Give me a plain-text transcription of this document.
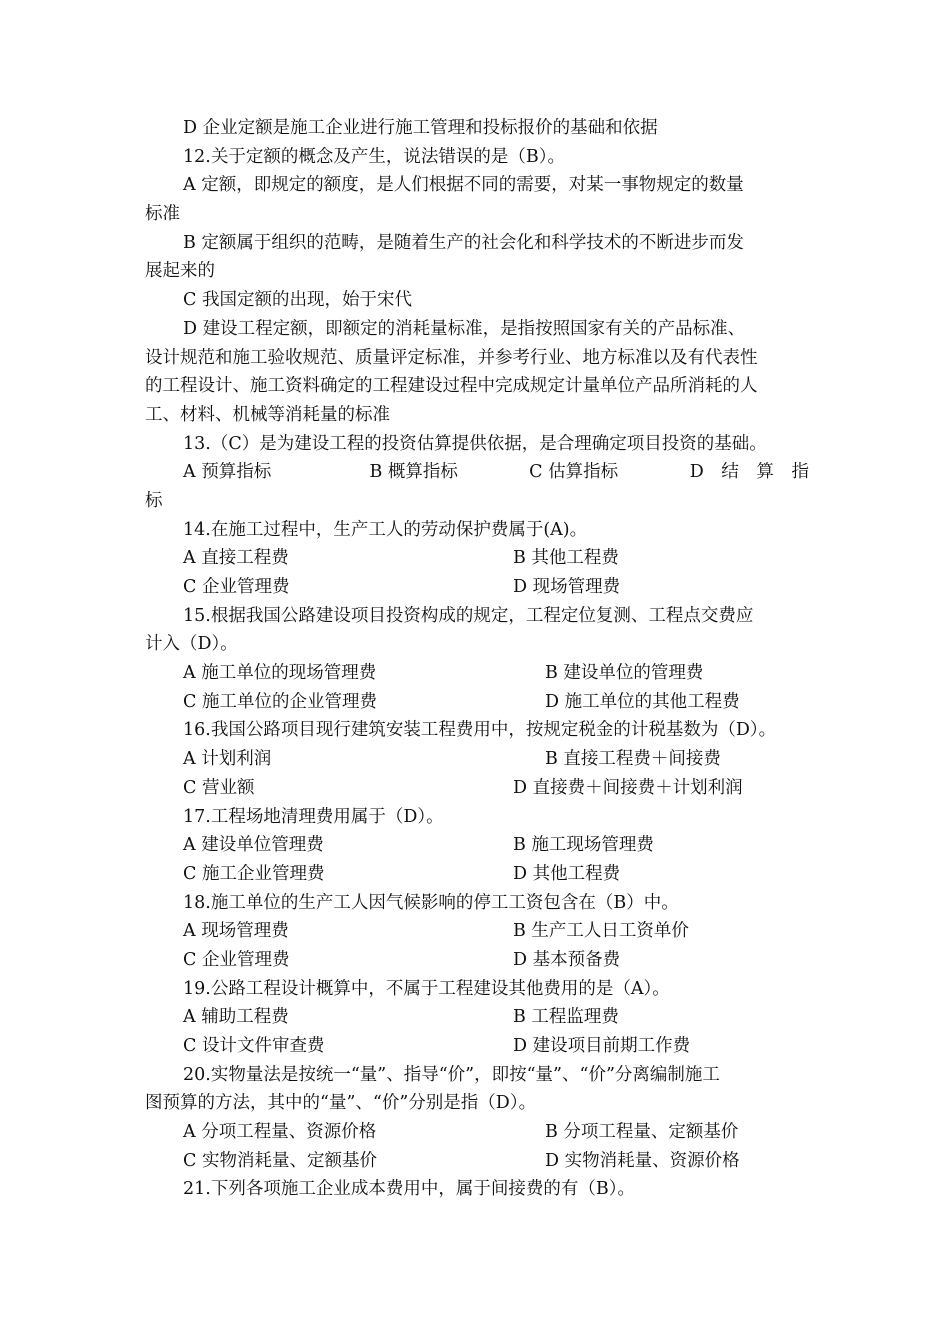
D 企业定额是施工企业进行施工管理和投标报价的基础和依据
12.关于定额的概念及产生，说法错误的是（B）。
A 定额，即规定的额度，是人们根据不同的需要，对某一事物规定的数量
标准
B 定额属于组织的范畴，是随着生产的社会化和科学技术的不断进步而发
展起来的
C 我国定额的出现，始于宋代
D 建设工程定额，即额定的消耗量标准，是指按照国家有关的产品标准、
设计规范和施工验收规范、质量评定标准，并参考行业、地方标准以及有代表性
的工程设计、施工资料确定的工程建设过程中完成规定计量单位产品所消耗的人
工、材料、机械等消耗量的标准
13.（C）是为建设工程的投资估算提供依据，是合理确定项目投资的基础。
A 预算指标	B 概算指标	C 估算指标	D 结 算 指
标
14.在施工过程中，生产工人的劳动保护费属于(A)。
A 直接工程费	B 其他工程费
C 企业管理费	D 现场管理费
15.根据我国公路建设项目投资构成的规定，工程定位复测、工程点交费应
计入（D）。
A 施工单位的现场管理费	B 建设单位的管理费
C 施工单位的企业管理费	D 施工单位的其他工程费
16.我国公路项目现行建筑安装工程费用中，按规定税金的计税基数为（D）。
A 计划利润	B 直接工程费＋间接费
C 营业额	D 直接费＋间接费＋计划利润
17.工程场地清理费用属于（D）。
A 建设单位管理费	B 施工现场管理费
C 施工企业管理费	D 其他工程费
18.施工单位的生产工人因气候影响的停工工资包含在（B）中。
A 现场管理费	B 生产工人日工资单价
C 企业管理费	D 基本预备费
19.公路工程设计概算中，不属于工程建设其他费用的是（A）。
A 辅助工程费	B 工程监理费
C 设计文件审查费	D 建设项目前期工作费
20.实物量法是按统一“量”、指导“价”，即按“量”、“价”分离编制施工
图预算的方法，其中的“量”、“价”分别是指（D）。
A 分项工程量、资源价格	B 分项工程量、定额基价
C 实物消耗量、定额基价	D 实物消耗量、资源价格
21.下列各项施工企业成本费用中，属于间接费的有（B）。
